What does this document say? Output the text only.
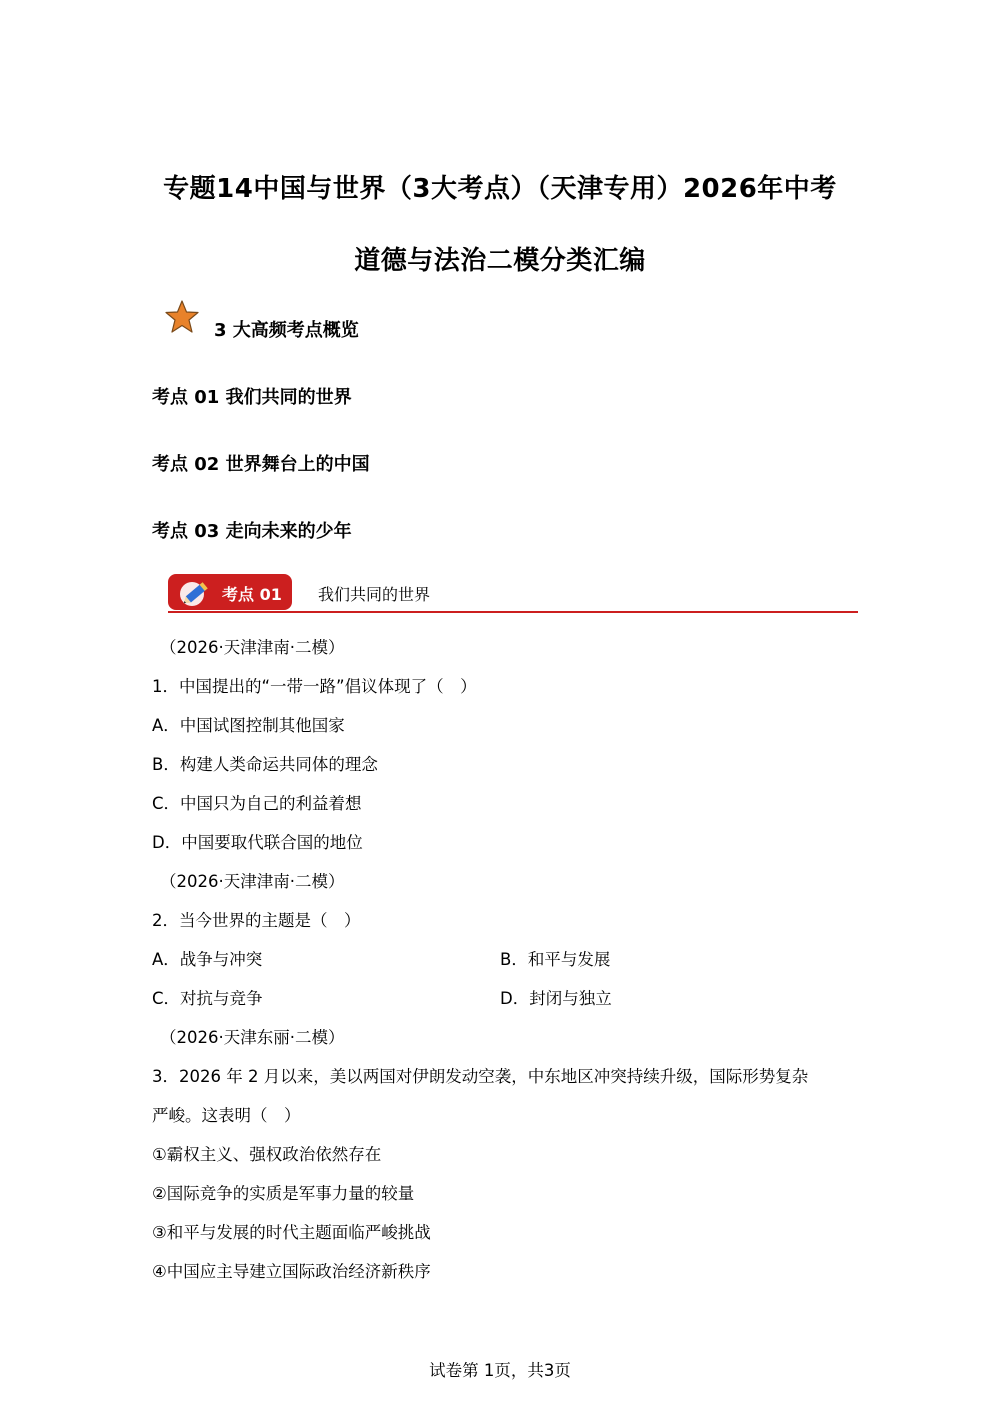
专题14中国与世界（3大考点）（天津专用）2026年中考
道德与法治二模分类汇编
3 大高频考点概览
考点 01 我们共同的世界
考点 02 世界舞台上的中国
考点 03 走向未来的少年
考点 01 我们共同的世界
（2026·天津津南·二模）
1．中国提出的“一带一路”倡议体现了（　）
A．中国试图控制其他国家
B．构建人类命运共同体的理念
C．中国只为自己的利益着想
D．中国要取代联合国的地位
（2026·天津津南·二模）
2．当今世界的主题是（　）
A．战争与冲突	B．和平与发展
C．对抗与竞争	D．封闭与独立
（2026·天津东丽·二模）
3．2026 年 2 月以来，美以两国对伊朗发动空袭，中东地区冲突持续升级，国际形势复杂
严峻。这表明（　）
①霸权主义、强权政治依然存在
②国际竞争的实质是军事力量的较量
③和平与发展的时代主题面临严峻挑战
④中国应主导建立国际政治经济新秩序
试卷第 1页，共3页
